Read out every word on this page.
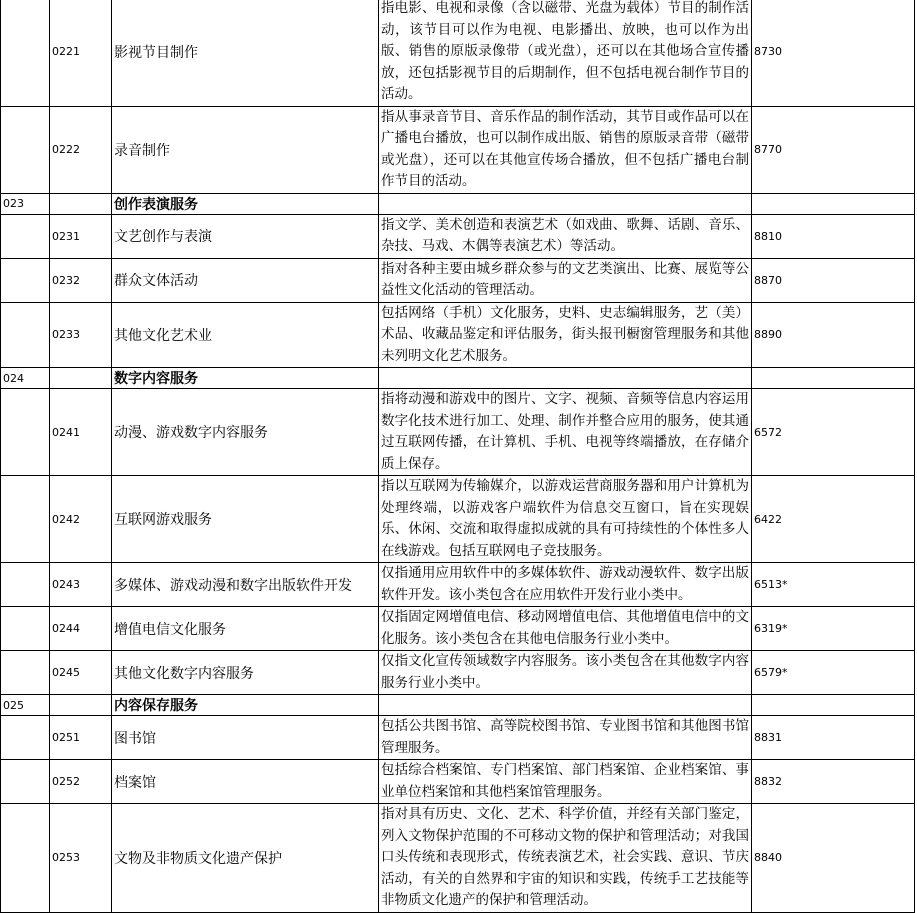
	0221	影视节目制作	指电影、电视和录像（含以磁带、光盘为载体）节目的制作活动，该节目可以作为电视、电影播出、放映，也可以作为出版、销售的原版录像带（或光盘），还可以在其他场合宣传播放，还包括影视节目的后期制作，但不包括电视台制作节目的活动。	8730
	0222	录音制作	指从事录音节目、音乐作品的制作活动，其节目或作品可以在广播电台播放，也可以制作成出版、销售的原版录音带（磁带或光盘），还可以在其他宣传场合播放，但不包括广播电台制作节目的活动。	8770
023		创作表演服务		
	0231	文艺创作与表演	指文学、美术创造和表演艺术（如戏曲、歌舞、话剧、音乐、杂技、马戏、木偶等表演艺术）等活动。	8810
	0232	群众文体活动	指对各种主要由城乡群众参与的文艺类演出、比赛、展览等公益性文化活动的管理活动。	8870
	0233	其他文化艺术业	包括网络（手机）文化服务，史料、史志编辑服务，艺（美）术品、收藏品鉴定和评估服务，街头报刊橱窗管理服务和其他未列明文化艺术服务。	8890
024		数字内容服务		
	0241	动漫、游戏数字内容服务	指将动漫和游戏中的图片、文字、视频、音频等信息内容运用数字化技术进行加工、处理、制作并整合应用的服务，使其通过互联网传播，在计算机、手机、电视等终端播放，在存储介质上保存。	6572
	0242	互联网游戏服务	指以互联网为传输媒介，以游戏运营商服务器和用户计算机为处理终端，以游戏客户端软件为信息交互窗口，旨在实现娱乐、休闲、交流和取得虚拟成就的具有可持续性的个体性多人在线游戏。包括互联网电子竞技服务。	6422
	0243	多媒体、游戏动漫和数字出版软件开发	仅指通用应用软件中的多媒体软件、游戏动漫软件、数字出版软件开发。该小类包含在应用软件开发行业小类中。	6513*
	0244	增值电信文化服务	仅指固定网增值电信、移动网增值电信、其他增值电信中的文化服务。该小类包含在其他电信服务行业小类中。	6319*
	0245	其他文化数字内容服务	仅指文化宣传领域数字内容服务。该小类包含在其他数字内容服务行业小类中。	6579*
025		内容保存服务		
	0251	图书馆	包括公共图书馆、高等院校图书馆、专业图书馆和其他图书馆管理服务。	8831
	0252	档案馆	包括综合档案馆、专门档案馆、部门档案馆、企业档案馆、事业单位档案馆和其他档案馆管理服务。	8832
	0253	文物及非物质文化遗产保护	指对具有历史、文化、艺术、科学价值，并经有关部门鉴定，列入文物保护范围的不可移动文物的保护和管理活动；对我国口头传统和表现形式，传统表演艺术，社会实践、意识、节庆活动，有关的自然界和宇宙的知识和实践，传统手工艺技能等非物质文化遗产的保护和管理活动。	8840
